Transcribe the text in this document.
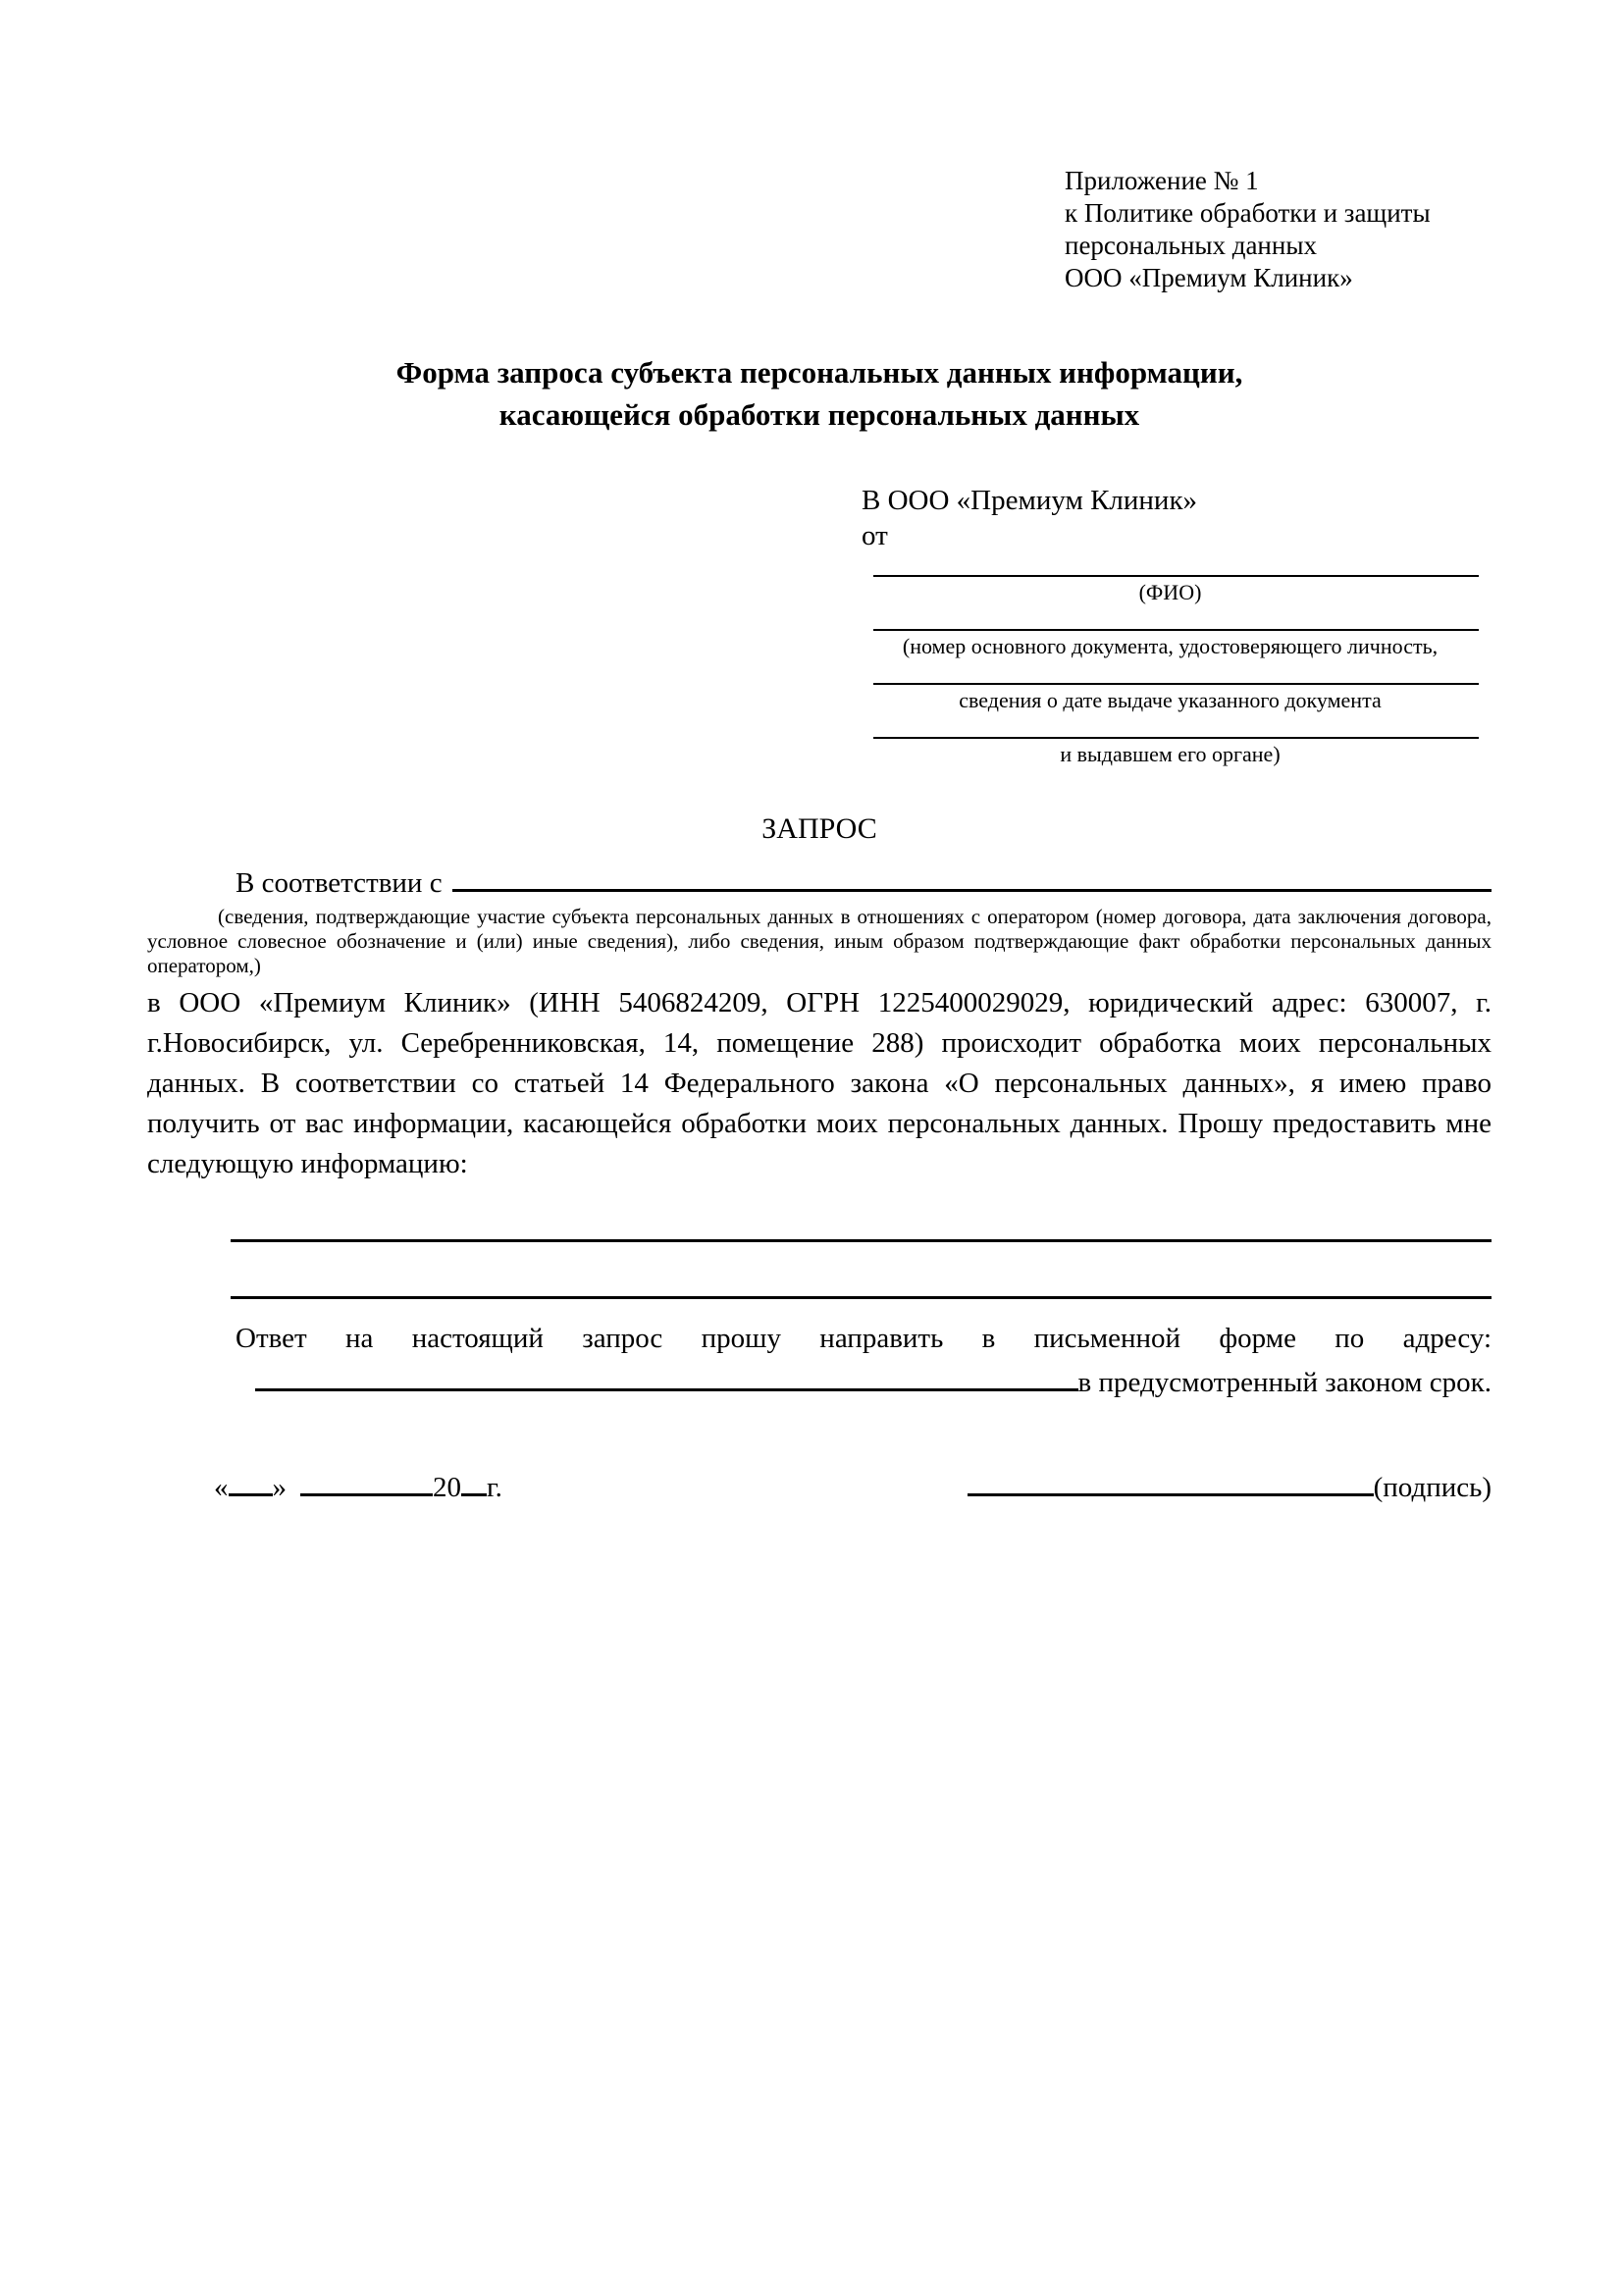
Приложение № 1
к Политике обработки и защиты
персональных данных
ООО «Премиум Клиник»
Форма запроса субъекта персональных данных информации,
касающейся обработки персональных данных
В ООО «Премиум Клиник»
от
(ФИО)
(номер основного документа, удостоверяющего личность,
сведения о дате выдаче указанного документа
и выдавшем его органе)
ЗАПРОС
В соответствии с
(сведения, подтверждающие участие субъекта персональных данных в отношениях с оператором (номер договора, дата заключения договора, условное словесное обозначение и (или) иные сведения), либо сведения, иным образом подтверждающие факт обработки персональных данных оператором,)
в ООО «Премиум Клиник» (ИНН 5406824209, ОГРН 1225400029029, юридический адрес: 630007, г. г.Новосибирск, ул. Серебренниковская, 14, помещение 288) происходит обработка моих персональных данных. В соответствии со статьей 14 Федерального закона «О персональных данных», я имею право получить от вас информации, касающейся обработки моих персональных данных. Прошу предоставить мне следующую информацию:
Ответ на настоящий запрос прошу направить в письменной форме по адресу:
в предусмотренный законом срок.
« »	20 г.	(подпись)
